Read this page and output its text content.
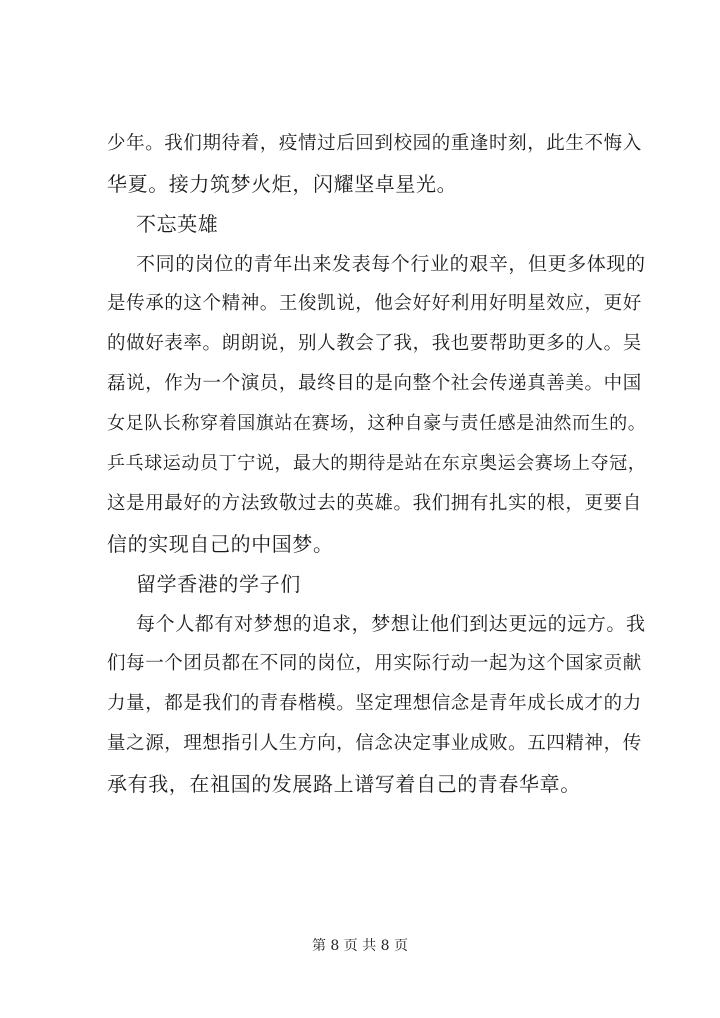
少年。我们期待着，疫情过后回到校园的重逢时刻，此生不悔入
华夏。接力筑梦火炬，闪耀坚卓星光。
不忘英雄
不同的岗位的青年出来发表每个行业的艰辛，但更多体现的
是传承的这个精神。王俊凯说，他会好好利用好明星效应，更好
的做好表率。朗朗说，别人教会了我，我也要帮助更多的人。吴
磊说，作为一个演员，最终目的是向整个社会传递真善美。中国
女足队长称穿着国旗站在赛场，这种自豪与责任感是油然而生的。
乒乓球运动员丁宁说，最大的期待是站在东京奥运会赛场上夺冠，
这是用最好的方法致敬过去的英雄。我们拥有扎实的根，更要自
信的实现自己的中国梦。
留学香港的学子们
每个人都有对梦想的追求，梦想让他们到达更远的远方。我
们每一个团员都在不同的岗位，用实际行动一起为这个国家贡献
力量，都是我们的青春楷模。坚定理想信念是青年成长成才的力
量之源，理想指引人生方向，信念决定事业成败。五四精神，传
承有我，在祖国的发展路上谱写着自己的青春华章。
第 8 页 共 8 页
